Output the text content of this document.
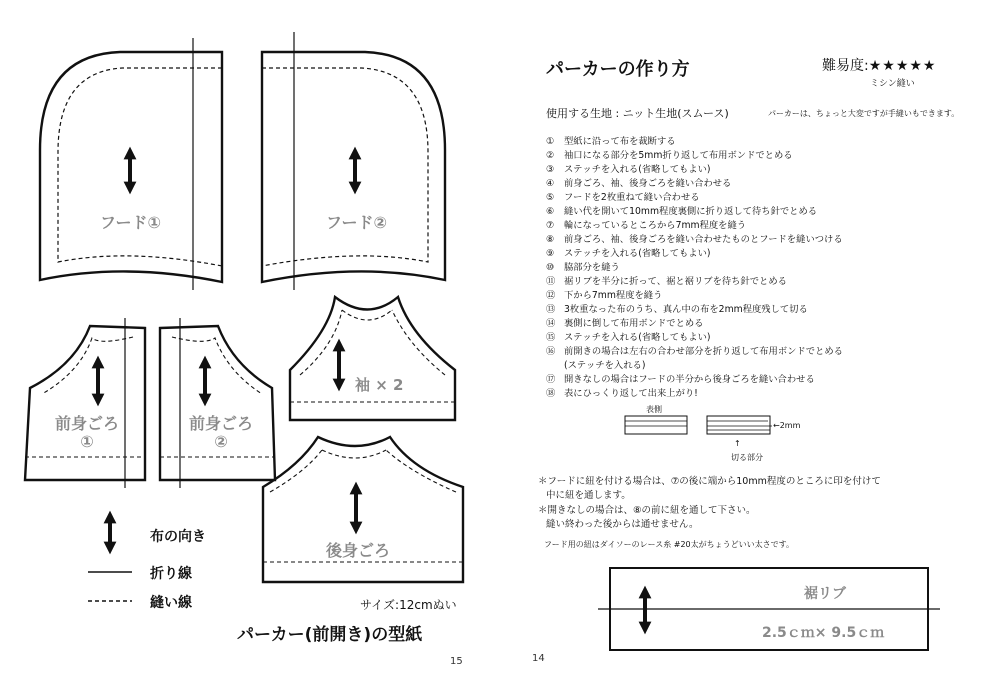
フード①	フード②
袖 × 2
前身ごろ
①
前身ごろ
②
後身ごろ
布の向き
折り線
縫い線	サイズ:12cmぬい
パーカー(前開き)の型紙
15
パーカーの作り方	難易度:★★★★★
ミシン縫い
使用する生地 : ニット生地(スムース)	パーカーは、ちょっと大変ですが手縫いもできます。
① 型紙に沿って布を裁断する
② 袖口になる部分を5mm折り返して布用ボンドでとめる
③ ステッチを入れる(省略してもよい)
④ 前身ごろ、袖、後身ごろを縫い合わせる
⑤ フードを2枚重ねて縫い合わせる
⑥ 縫い代を開いて10mm程度裏側に折り返して待ち針でとめる
⑦ 輪になっているところから7mm程度を縫う
⑧ 前身ごろ、袖、後身ごろを縫い合わせたものとフードを縫いつける
⑨ ステッチを入れる(省略してもよい)
⑩ 脇部分を縫う
⑪ 裾リブを半分に折って、裾と裾リブを待ち針でとめる
⑫ 下から7mm程度を縫う
⑬ 3枚重なった布のうち、真ん中の布を2mm程度残して切る
⑭ 裏側に倒して布用ボンドでとめる
⑮ ステッチを入れる(省略してもよい)
⑯ 前開きの場合は左右の合わせ部分を折り返して布用ボンドでとめる
(ステッチを入れる)
⑰ 開きなしの場合はフードの半分から後身ごろを縫い合わせる
⑱ 表にひっくり返して出来上がり!
表側
←2mm
↑
切る部分
＊フードに紐を付ける場合は、⑦の後に端から10mm程度のところに印を付けて
中に紐を通します。
＊開きなしの場合は、⑧の前に紐を通して下さい。
縫い終わった後からは通せません。
フード用の紐はダイソーのレース糸 #20太がちょうどいい太さです。
裾リブ
2.5ｃｍ× 9.5ｃｍ
14
